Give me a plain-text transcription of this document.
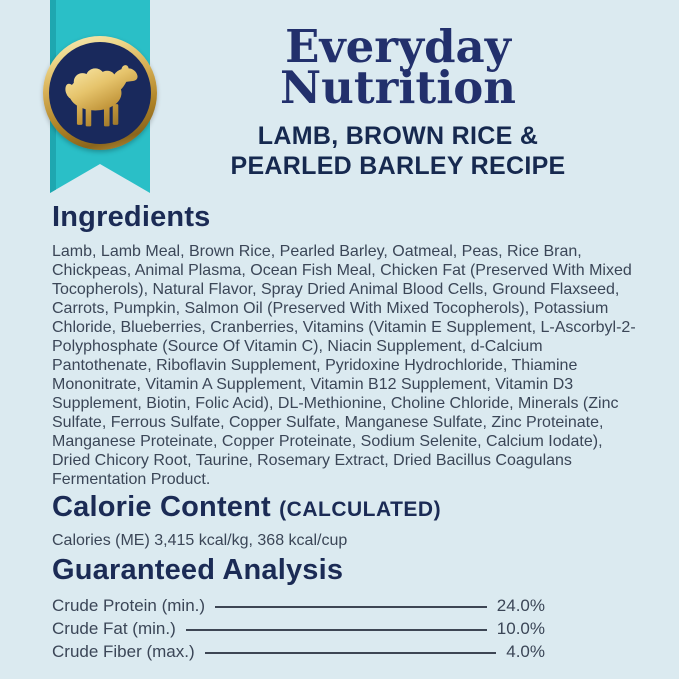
Everyday Nutrition
LAMB, BROWN RICE & PEARLED BARLEY RECIPE
Ingredients

Lamb, Lamb Meal, Brown Rice, Pearled Barley, Oatmeal, Peas, Rice Bran, Chickpeas, Animal Plasma, Ocean Fish Meal, Chicken Fat (Preserved With Mixed Tocopherols), Natural Flavor, Spray Dried Animal Blood Cells, Ground Flaxseed, Carrots, Pumpkin, Salmon Oil (Preserved With Mixed Tocopherols), Potassium Chloride, Blueberries, Cranberries, Vitamins (Vitamin E Supplement, L-Ascorbyl-2-Polyphosphate (Source Of Vitamin C), Niacin Supplement, d-Calcium Pantothenate, Riboflavin Supplement, Pyridoxine Hydrochloride, Thiamine Mononitrate, Vitamin A Supplement, Vitamin B12 Supplement, Vitamin D3 Supplement, Biotin, Folic Acid), DL-Methionine, Choline Chloride, Minerals (Zinc Sulfate, Ferrous Sulfate, Copper Sulfate, Manganese Sulfate, Zinc Proteinate, Manganese Proteinate, Copper Proteinate, Sodium Selenite, Calcium Iodate), Dried Chicory Root, Taurine, Rosemary Extract, Dried Bacillus Coagulans Fermentation Product.

Calorie Content (CALCULATED)

Calories (ME) 3,415 kcal/kg, 368 kcal/cup

Guaranteed Analysis
Crude Protein (min.)	24.0%
Crude Fat (min.)	10.0%
Crude Fiber (max.)	4.0%
